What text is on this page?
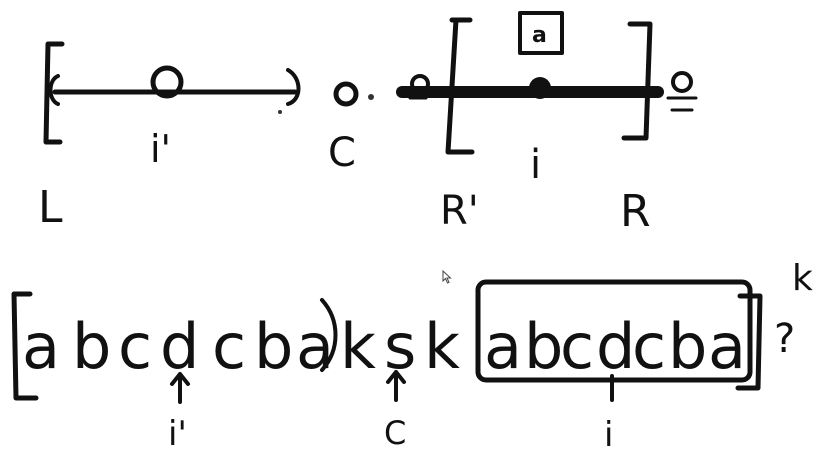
i'	C
a
i
L	R'	R
a b c d c b a k s k a b
c d
c b a
i'	C	i
?
k
